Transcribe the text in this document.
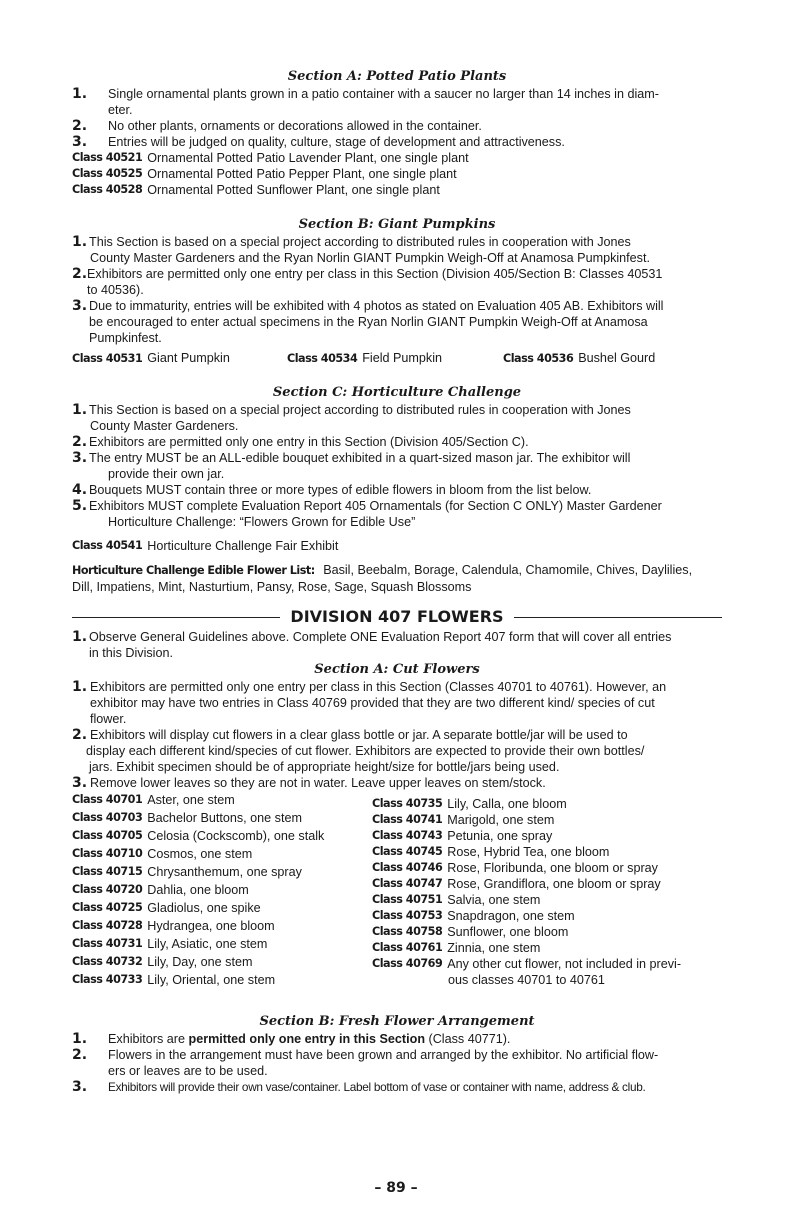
Section A: Potted Patio Plants
1. Single ornamental plants grown in a patio container with a saucer no larger than 14 inches in diam-
eter.
2. No other plants, ornaments or decorations allowed in the container.
3. Entries will be judged on quality, culture, stage of development and attractiveness.
Class 40521 Ornamental Potted Patio Lavender Plant, one single plant
Class 40525 Ornamental Potted Patio Pepper Plant, one single plant
Class 40528 Ornamental Potted Sunflower Plant, one single plant
Section B: Giant Pumpkins
1. This Section is based on a special project according to distributed rules in cooperation with Jones
County Master Gardeners and the Ryan Norlin GIANT Pumpkin Weigh-Off at Anamosa Pumpkinfest.
2. Exhibitors are permitted only one entry per class in this Section (Division 405/Section B: Classes 40531
to 40536).
3. Due to immaturity, entries will be exhibited with 4 photos as stated on Evaluation 405 AB. Exhibitors will
be encouraged to enter actual specimens in the Ryan Norlin GIANT Pumpkin Weigh-Off at Anamosa
Pumpkinfest.
Class 40531 Giant Pumpkin	Class 40534 Field Pumpkin	Class 40536 Bushel Gourd
Section C: Horticulture Challenge
1. This Section is based on a special project according to distributed rules in cooperation with Jones
County Master Gardeners.
2. Exhibitors are permitted only one entry in this Section (Division 405/Section C).
3. The entry MUST be an ALL-edible bouquet exhibited in a quart-sized mason jar. The exhibitor will
provide their own jar.
4. Bouquets MUST contain three or more types of edible flowers in bloom from the list below.
5. Exhibitors MUST complete Evaluation Report 405 Ornamentals (for Section C ONLY) Master Gardener
Horticulture Challenge: “Flowers Grown for Edible Use”
Class 40541 Horticulture Challenge Fair Exhibit
Horticulture Challenge Edible Flower List: Basil, Beebalm, Borage, Calendula, Chamomile, Chives, Daylilies,
Dill, Impatiens, Mint, Nasturtium, Pansy, Rose, Sage, Squash Blossoms
DIVISION 407 FLOWERS
1. Observe General Guidelines above. Complete ONE Evaluation Report 407 form that will cover all entries
in this Division.
Section A: Cut Flowers
1. Exhibitors are permitted only one entry per class in this Section (Classes 40701 to 40761). However, an
exhibitor may have two entries in Class 40769 provided that they are two different kind/ species of cut
flower.
2. Exhibitors will display cut flowers in a clear glass bottle or jar. A separate bottle/jar will be used to
display each different kind/species of cut flower. Exhibitors are expected to provide their own bottles/
jars. Exhibit specimen should be of appropriate height/size for bottle/jars being used.
3. Remove lower leaves so they are not in water. Leave upper leaves on stem/stock.
Class 40701 Aster, one stem
Class 40703 Bachelor Buttons, one stem
Class 40705 Celosia (Cockscomb), one stalk
Class 40710 Cosmos, one stem
Class 40715 Chrysanthemum, one spray
Class 40720 Dahlia, one bloom
Class 40725 Gladiolus, one spike
Class 40728 Hydrangea, one bloom
Class 40731 Lily, Asiatic, one stem
Class 40732 Lily, Day, one stem
Class 40733 Lily, Oriental, one stem
Class 40735 Lily, Calla, one bloom
Class 40741 Marigold, one stem
Class 40743 Petunia, one spray
Class 40745 Rose, Hybrid Tea, one bloom
Class 40746 Rose, Floribunda, one bloom or spray
Class 40747 Rose, Grandiflora, one bloom or spray
Class 40751 Salvia, one stem
Class 40753 Snapdragon, one stem
Class 40758 Sunflower, one bloom
Class 40761 Zinnia, one stem
Class 40769 Any other cut flower, not included in previ-
ous classes 40701 to 40761
Section B: Fresh Flower Arrangement
1. Exhibitors are permitted only one entry in this Section (Class 40771).
2. Flowers in the arrangement must have been grown and arranged by the exhibitor. No artificial flow-
ers or leaves are to be used.
3. Exhibitors will provide their own vase/container. Label bottom of vase or container with name, address & club.
– 89 –
